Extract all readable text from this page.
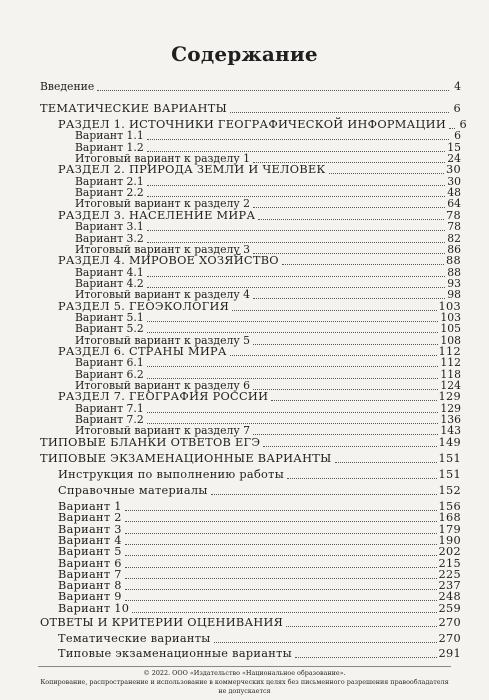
Содержание
Введение	4
ТЕМАТИЧЕСКИЕ ВАРИАНТЫ	6
РАЗДЕЛ 1. ИСТОЧНИКИ ГЕОГРАФИЧЕСКОЙ ИНФОРМАЦИИ 6
Вариант 1.1	6
Вариант 1.2	15
Итоговый вариант к разделу 1	24
РАЗДЕЛ 2. ПРИРОДА ЗЕМЛИ И ЧЕЛОВЕК	30
Вариант 2.1	30
Вариант 2.2	48
Итоговый вариант к разделу 2	64
РАЗДЕЛ 3. НАСЕЛЕНИЕ МИРА	78
Вариант 3.1	78
Вариант 3.2	82
Итоговый вариант к разделу 3	86
РАЗДЕЛ 4. МИРОВОЕ ХОЗЯЙСТВО	88
Вариант 4.1	88
Вариант 4.2	93
Итоговый вариант к разделу 4	98
РАЗДЕЛ 5. ГЕОЭКОЛОГИЯ	103
Вариант 5.1	103
Вариант 5.2	105
Итоговый вариант к разделу 5	108
РАЗДЕЛ 6. СТРАНЫ МИРА	112
Вариант 6.1	112
Вариант 6.2	118
Итоговый вариант к разделу 6	124
РАЗДЕЛ 7. ГЕОГРАФИЯ РОССИИ	129
Вариант 7.1	129
Вариант 7.2	136
Итоговый вариант к разделу 7	143
ТИПОВЫЕ БЛАНКИ ОТВЕТОВ ЕГЭ	149
ТИПОВЫЕ ЭКЗАМЕНАЦИОННЫЕ ВАРИАНТЫ	151
Инструкция по выполнению работы	151
Справочные материалы	152
Вариант 1	156
Вариант 2	168
Вариант 3	179
Вариант 4	190
Вариант 5	202
Вариант 6	215
Вариант 7	225
Вариант 8	237
Вариант 9	248
Вариант 10	259
ОТВЕТЫ И КРИТЕРИИ ОЦЕНИВАНИЯ	270
Тематические варианты	270
Типовые экзаменационные варианты	291
© 2022. ООО «Издательство «Национальное образование».
Копирование, распространение и использование в коммерческих целях без письменного разрешения правообладателя не допускается
